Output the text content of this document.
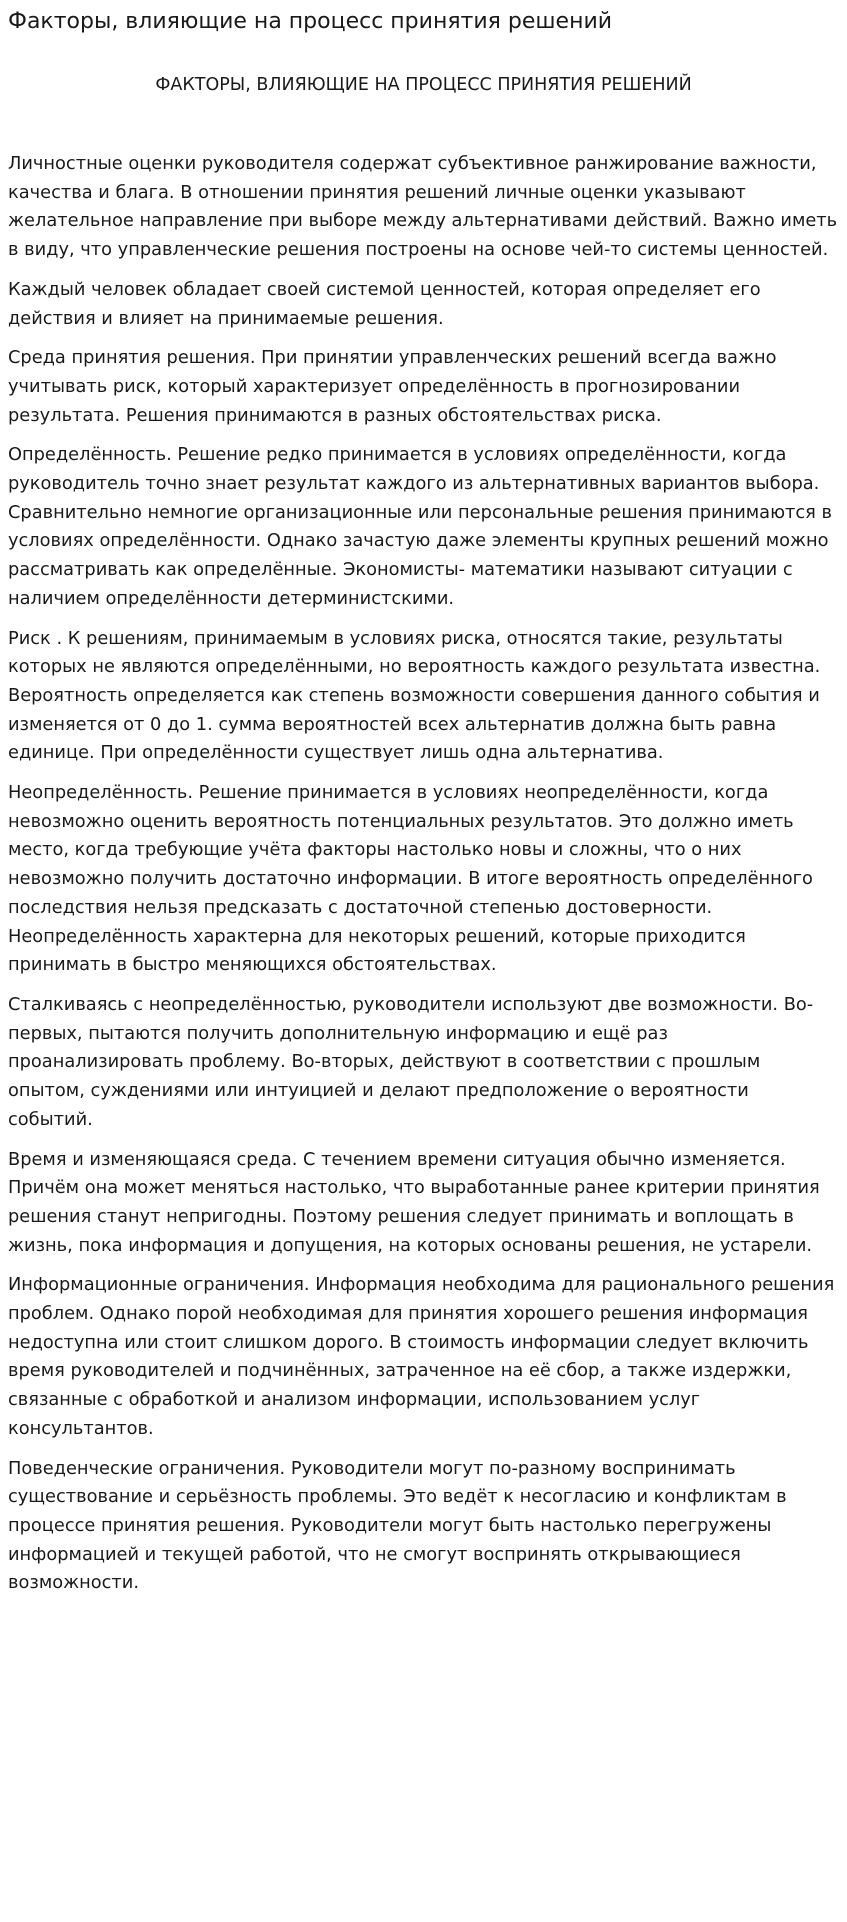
Факторы, влияющие на процесс принятия решений
ФАКТОРЫ, ВЛИЯЮЩИЕ НА ПРОЦЕСС ПРИНЯТИЯ РЕШЕНИЙ

Личностные оценки руководителя содержат субъективное ранжирование важности, качества и блага. В отношении принятия решений личные оценки указывают желательное направление при выборе между альтернативами действий. Важно иметь в виду, что управленческие решения построены на основе чей-то системы ценностей.

Каждый человек обладает своей системой ценностей, которая определяет его действия и влияет на принимаемые решения.

Среда принятия решения. При принятии управленческих решений всегда важно учитывать риск, который характеризует определённость в прогнозировании результата. Решения принимаются в разных обстоятельствах риска.

Определённость. Решение редко принимается в условиях определённости, когда руководитель точно знает результат каждого из альтернативных вариантов выбора. Сравнительно немногие организационные или персональные решения принимаются в условиях определённости. Однако зачастую даже элементы крупных решений можно рассматривать как определённые. Экономисты- математики называют ситуации с наличием определённости детерминистскими.

Риск . К решениям, принимаемым в условиях риска, относятся такие, результаты которых не являются определёнными, но вероятность каждого результата известна. Вероятность определяется как степень возможности совершения данного события и изменяется от 0 до 1. сумма вероятностей всех альтернатив должна быть равна единице. При определённости существует лишь одна альтернатива.

Неопределённость. Решение принимается в условиях неопределённости, когда невозможно оценить вероятность потенциальных результатов. Это должно иметь место, когда требующие учёта факторы настолько новы и сложны, что о них невозможно получить достаточно информации. В итоге вероятность определённого последствия нельзя предсказать с достаточной степенью достоверности. Неопределённость характерна для некоторых решений, которые приходится принимать в быстро меняющихся обстоятельствах.

Сталкиваясь с неопределённостью, руководители используют две возможности. Во-первых, пытаются получить дополнительную информацию и ещё раз проанализировать проблему. Во-вторых, действуют в соответствии с прошлым опытом, суждениями или интуицией и делают предположение о вероятности событий.

Время и изменяющаяся среда. С течением времени ситуация обычно изменяется. Причём она может меняться настолько, что выработанные ранее критерии принятия решения станут непригодны. Поэтому решения следует принимать и воплощать в жизнь, пока информация и допущения, на которых основаны решения, не устарели.

Информационные ограничения. Информация необходима для рационального решения проблем. Однако порой необходимая для принятия хорошего решения информация недоступна или стоит слишком дорого. В стоимость информации следует включить время руководителей и подчинённых, затраченное на её сбор, а также издержки, связанные с обработкой и анализом информации, использованием услуг консультантов.

Поведенческие ограничения. Руководители могут по-разному воспринимать существование и серьёзность проблемы. Это ведёт к несогласию и конфликтам в процессе принятия решения. Руководители могут быть настолько перегружены информацией и текущей работой, что не смогут воспринять открывающиеся возможности.
